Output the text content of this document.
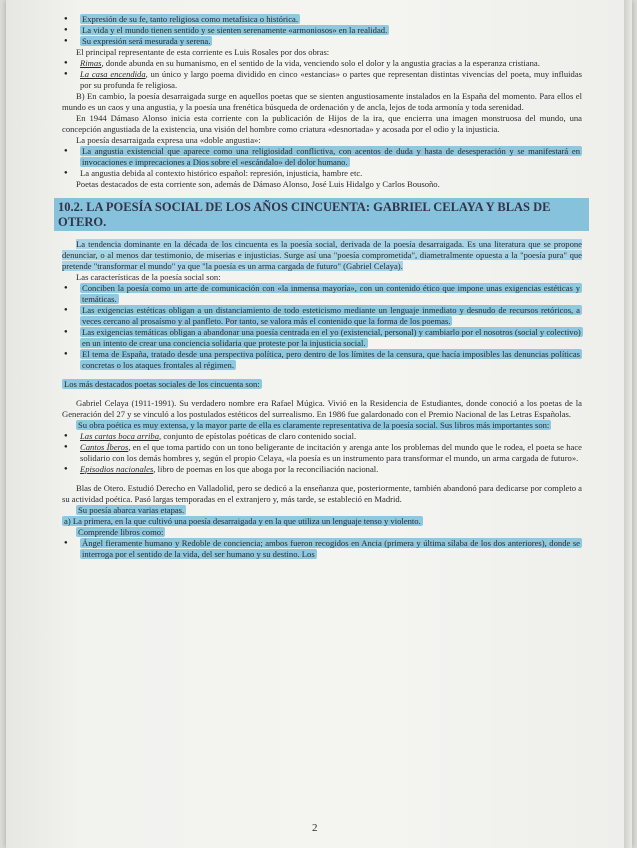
● Expresión de su fe, tanto religiosa como metafísica o histórica.
● La vida y el mundo tienen sentido y se sienten serenamente «armoniosos» en la realidad.
● Su expresión será mesurada y serena.

El principal representante de esta corriente es Luis Rosales por dos obras:

● Rimas, donde abunda en su humanismo, en el sentido de la vida, venciendo solo el dolor y la angustia gracias a la esperanza cristiana.
● La casa encendida, un único y largo poema dividido en cinco «estancias» o partes que representan distintas vivencias del poeta, muy influidas por su profunda fe religiosa.

B) En cambio, la poesía desarraigada surge en aquellos poetas que se sienten angustiosamente instalados en la España del momento. Para ellos el mundo es un caos y una angustia, y la poesía una frenética búsqueda de ordenación y de ancla, lejos de toda armonía y toda serenidad.

En 1944 Dámaso Alonso inicia esta corriente con la publicación de Hijos de la ira, que encierra una imagen monstruosa del mundo, una concepción angustiada de la existencia, una visión del hombre como criatura «desnortada» y acosada por el odio y la injusticia.

La poesía desarraigada expresa una «doble angustia»:

● La angustia existencial que aparece como una religiosidad conflictiva, con acentos de duda y hasta de desesperación y se manifestará en invocaciones e imprecaciones a Dios sobre el «escándalo» del dolor humano.
● La angustia debida al contexto histórico español: represión, injusticia, hambre etc.

Poetas destacados de esta corriente son, además de Dámaso Alonso, José Luis Hidalgo y Carlos Bousoño.

10.2. LA POESÍA SOCIAL DE LOS AÑOS CINCUENTA: GABRIEL CELAYA Y BLAS DE OTERO.

La tendencia dominante en la década de los cincuenta es la poesía social, derivada de la poesía desarraigada. Es una literatura que se propone denunciar, o al menos dar testimonio, de miserias e injusticias. Surge así una "poesía comprometida", diametralmente opuesta a la "poesía pura" que pretende "transformar el mundo" ya que "la poesía es un arma cargada de futuro" (Gabriel Celaya).

Las características de la poesía social son:

● Conciben la poesía como un arte de comunicación con «la inmensa mayoría», con un contenido ético que impone unas exigencias estéticas y temáticas.
● Las exigencias estéticas obligan a un distanciamiento de todo esteticismo mediante un lenguaje inmediato y desnudo de recursos retóricos, a veces cercano al prosaísmo y al panfleto. Por tanto, se valora más el contenido que la forma de los poemas.
● Las exigencias temáticas obligan a abandonar una poesía centrada en el yo (existencial, personal) y cambiarlo por el nosotros (social y colectivo) en un intento de crear una conciencia solidaria que proteste por la injusticia social.
● El tema de España, tratado desde una perspectiva política, pero dentro de los límites de la censura, que hacía imposibles las denuncias políticas concretas o los ataques frontales al régimen.

Los más destacados poetas sociales de los cincuenta son:

Gabriel Celaya (1911-1991). Su verdadero nombre era Rafael Múgica. Vivió en la Residencia de Estudiantes, donde conoció a los poetas de la Generación del 27 y se vinculó a los postulados estéticos del surrealismo. En 1986 fue galardonado con el Premio Nacional de las Letras Españolas.

Su obra poética es muy extensa, y la mayor parte de ella es claramente representativa de la poesía social. Sus libros más importantes son:

● Las cartas boca arriba, conjunto de epístolas poéticas de claro contenido social.
● Cantos Íberos, en el que toma partido con un tono beligerante de incitación y arenga ante los problemas del mundo que le rodea, el poeta se hace solidario con los demás hombres y, según el propio Celaya, «la poesía es un instrumento para transformar el mundo, un arma cargada de futuro».
● Episodios nacionales, libro de poemas en los que aboga por la reconciliación nacional.

Blas de Otero. Estudió Derecho en Valladolid, pero se dedicó a la enseñanza que, posteriormente, también abandonó para dedicarse por completo a su actividad poética. Pasó largas temporadas en el extranjero y, más tarde, se estableció en Madrid.

Su poesía abarca varias etapas.

a) La primera, en la que cultivó una poesía desarraigada y en la que utiliza un lenguaje tenso y violento.

Comprende libros como:

● Ángel fieramente humano y Redoble de conciencia; ambos fueron recogidos en Ancia (primera y última sílaba de los dos anteriores), donde se interroga por el sentido de la vida, del ser humano y su destino. Los
2
